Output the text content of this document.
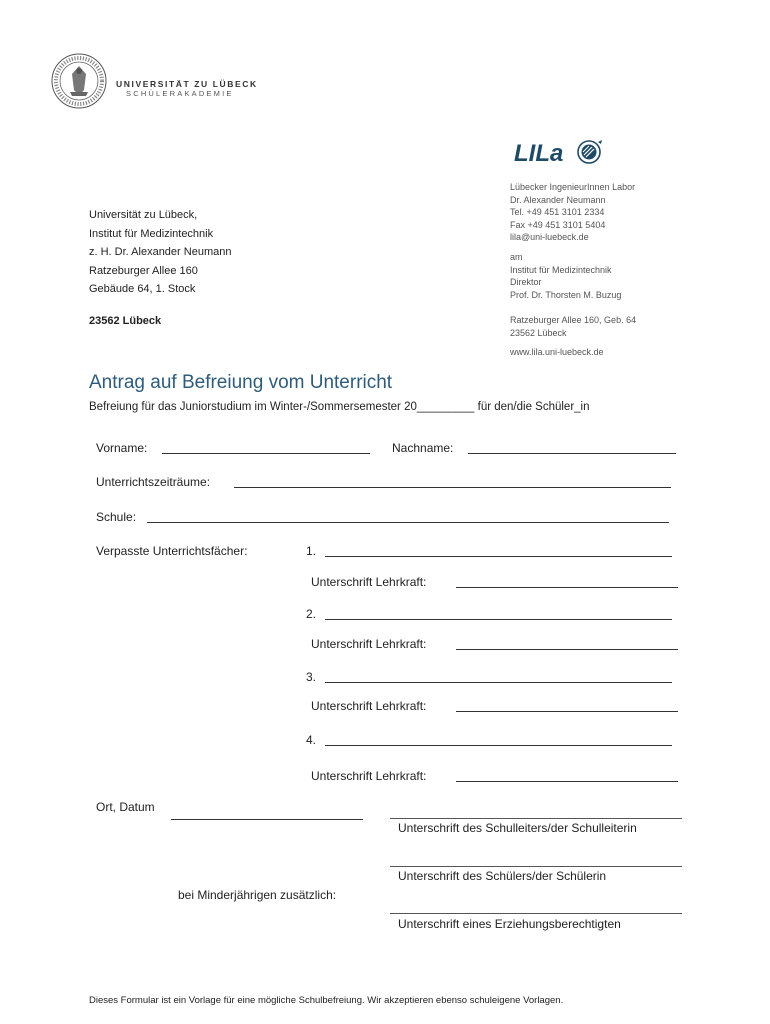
UNIVERSITÄT ZU LÜBECK
SCHÜLERAKADEMIE
LILa
Lübecker IngenieurInnen Labor
Dr. Alexander Neumann
Tel. +49 451 3101 2334
Fax +49 451 3101 5404
lila@uni-luebeck.de
am
Institut für Medizintechnik
Direktor
Prof. Dr. Thorsten M. Buzug
Ratzeburger Allee 160, Geb. 64
23562 Lübeck
www.lila.uni-luebeck.de
Universität zu Lübeck,
Institut für Medizintechnik
z. H. Dr. Alexander Neumann
Ratzeburger Allee 160
Gebäude 64, 1. Stock
23562 Lübeck
Antrag auf Befreiung vom Unterricht
Befreiung für das Juniorstudium im Winter-/Sommersemester 20_________ für den/die Schüler_in
Vorname:	Nachname:
Unterrichtszeiträume:
Schule:
Verpasste Unterrichtsfächer:	1.
Unterschrift Lehrkraft:
2.
Unterschrift Lehrkraft:
3.
Unterschrift Lehrkraft:
4.
Unterschrift Lehrkraft:
Ort, Datum
Unterschrift des Schulleiters/der Schulleiterin
Unterschrift des Schülers/der Schülerin
bei Minderjährigen zusätzlich:
Unterschrift eines Erziehungsberechtigten
Dieses Formular ist ein Vorlage für eine mögliche Schulbefreiung. Wir akzeptieren ebenso schuleigene Vorlagen.
